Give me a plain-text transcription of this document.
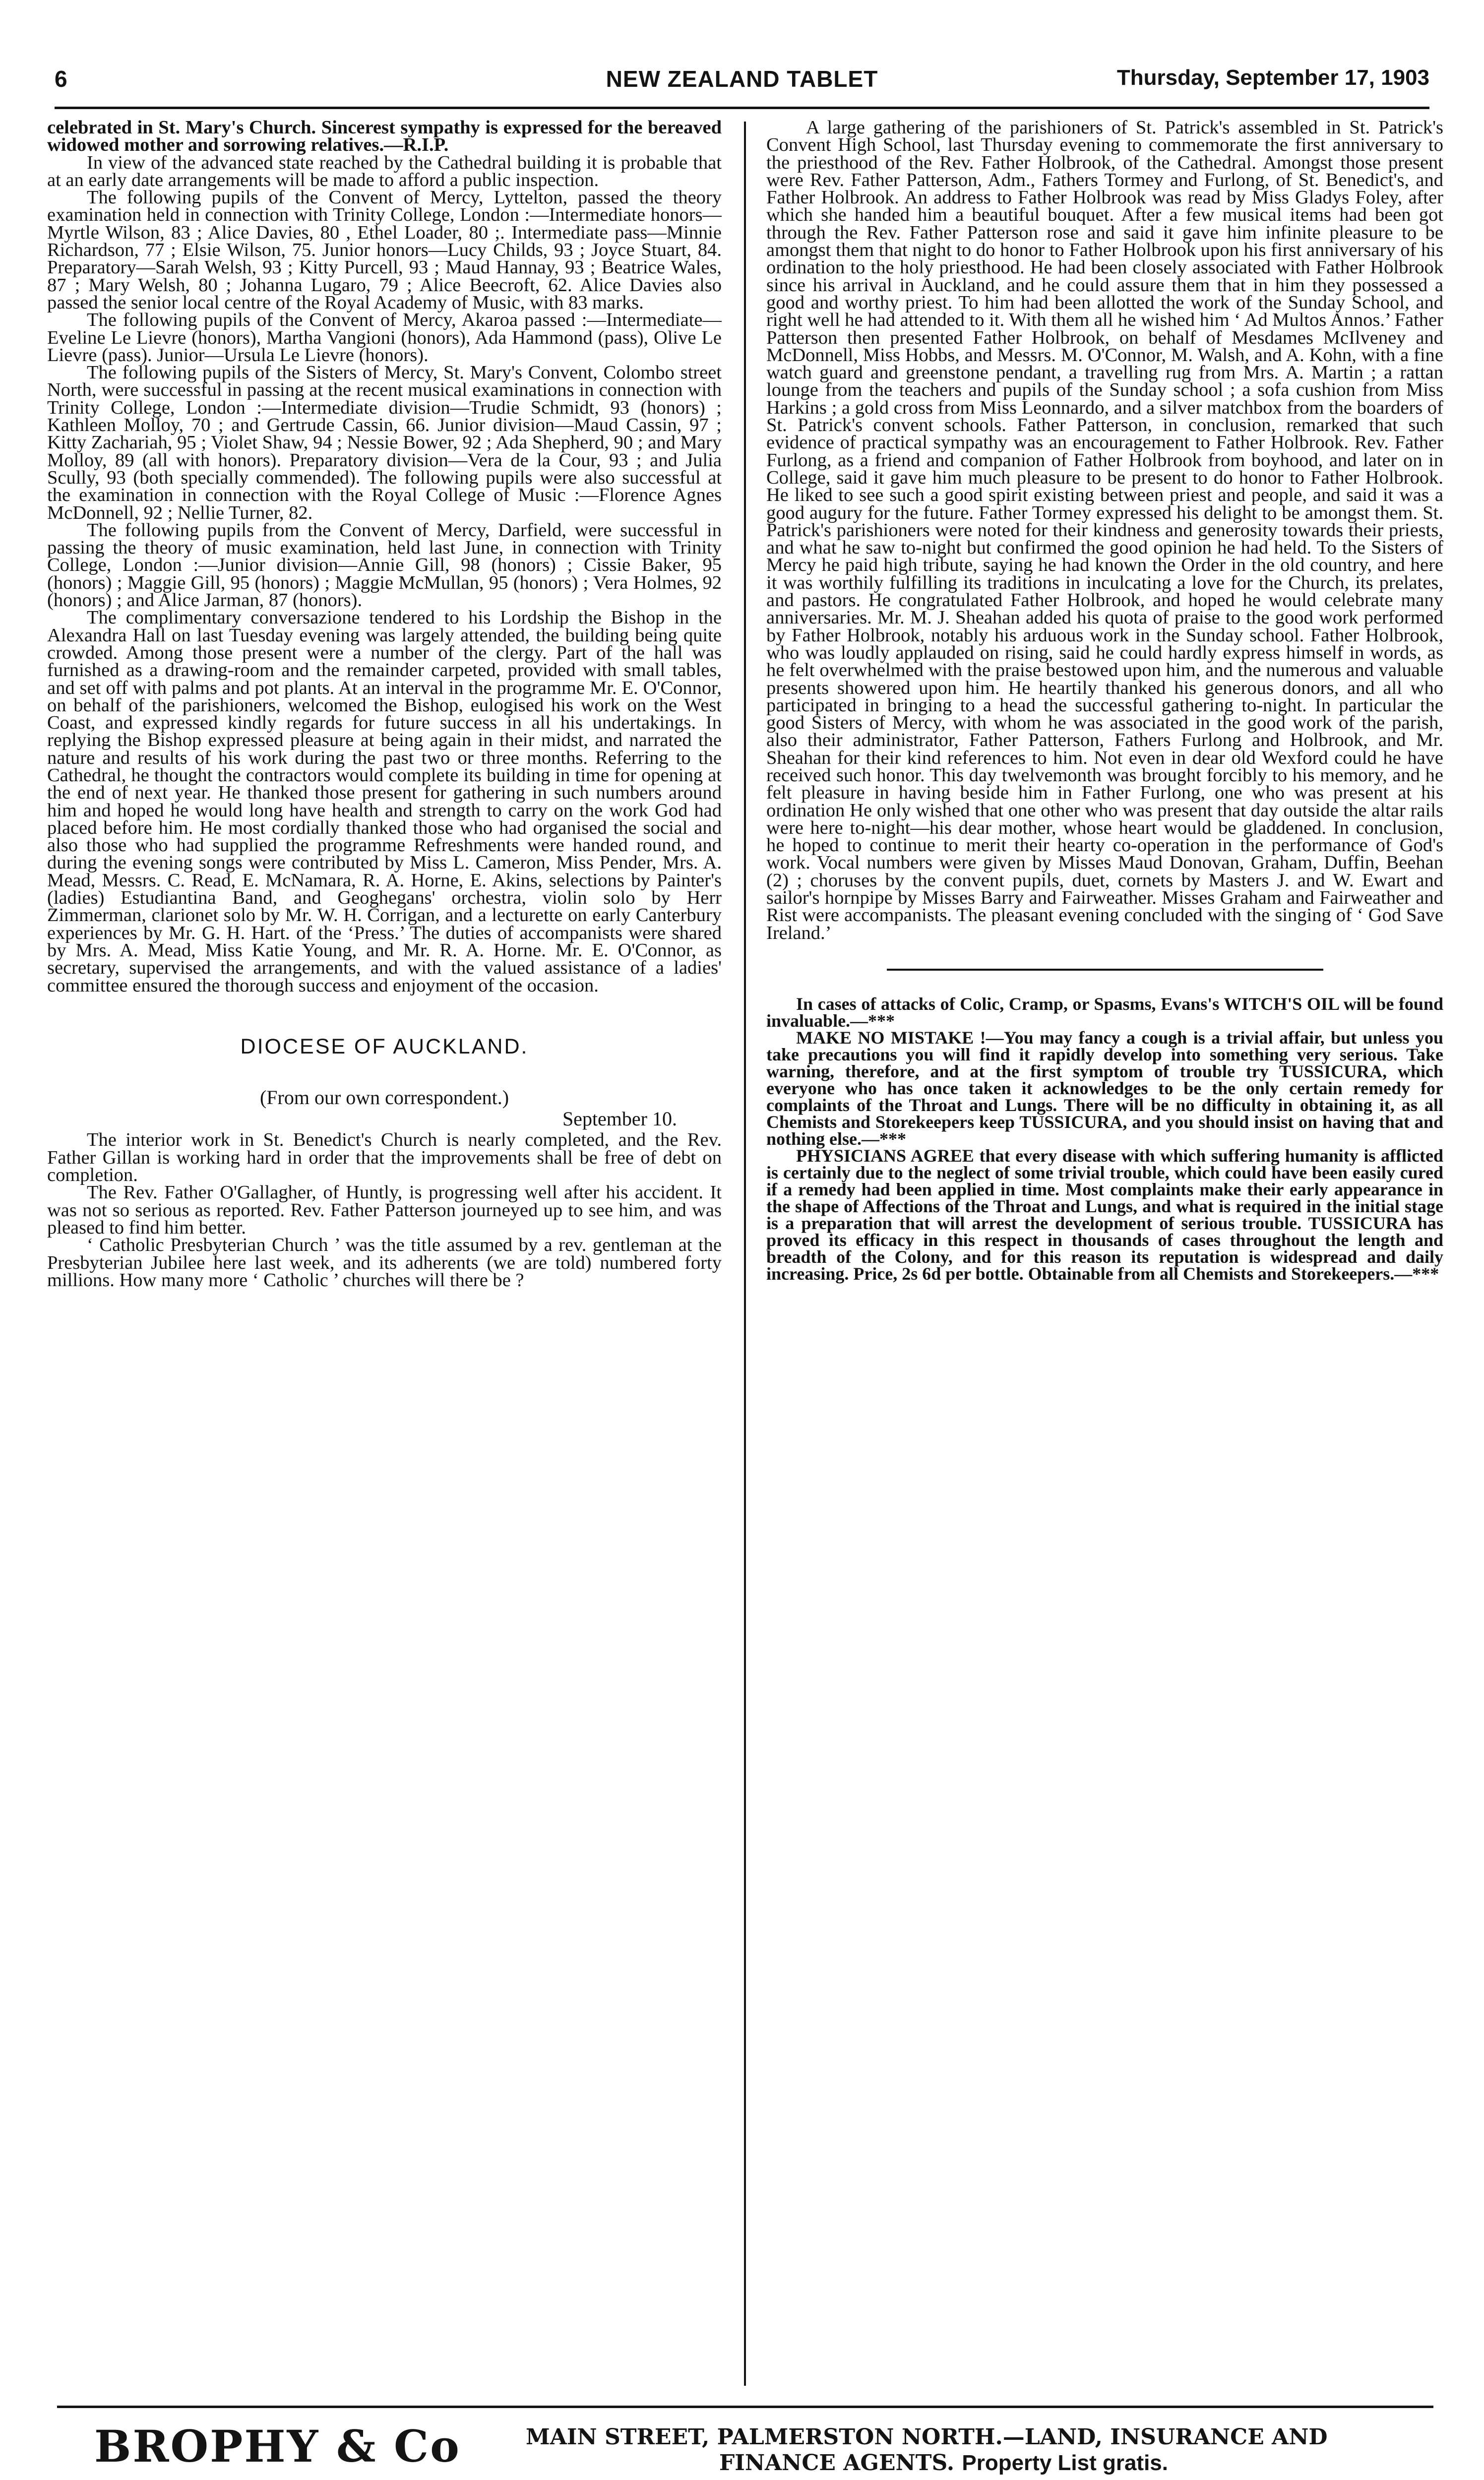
6	NEW ZEALAND TABLET	Thursday, September 17, 1903

celebrated in St. Mary's Church. Sincerest sympathy is expressed for the bereaved widowed mother and sorrowing relatives.—R.I.P.

In view of the advanced state reached by the Cathedral building it is probable that at an early date arrangements will be made to afford a public inspection.

The following pupils of the Convent of Mercy, Lyttelton, passed the theory examination held in connection with Trinity College, London :—Intermediate honors—Myrtle Wilson, 83 ; Alice Davies, 80 , Ethel Loader, 80 ;. Intermediate pass—Minnie Richardson, 77 ; Elsie Wilson, 75. Junior honors—Lucy Childs, 93 ; Joyce Stuart, 84. Preparatory—Sarah Welsh, 93 ; Kitty Purcell, 93 ; Maud Hannay, 93 ; Beatrice Wales, 87 ; Mary Welsh, 80 ; Johanna Lugaro, 79 ; Alice Beecroft, 62. Alice Davies also passed the senior local centre of the Royal Academy of Music, with 83 marks.

The following pupils of the Convent of Mercy, Akaroa passed :—Intermediate—Eveline Le Lievre (honors), Martha Vangioni (honors), Ada Hammond (pass), Olive Le Lievre (pass). Junior—Ursula Le Lievre (honors).

The following pupils of the Sisters of Mercy, St. Mary's Convent, Colombo street North, were successful in passing at the recent musical examinations in connection with Trinity College, London :—Intermediate division—Trudie Schmidt, 93 (honors) ; Kathleen Molloy, 70 ; and Gertrude Cassin, 66. Junior division—Maud Cassin, 97 ; Kitty Zachariah, 95 ; Violet Shaw, 94 ; Nessie Bower, 92 ; Ada Shepherd, 90 ; and Mary Molloy, 89 (all with honors). Preparatory division—Vera de la Cour, 93 ; and Julia Scully, 93 (both specially commended). The following pupils were also successful at the examination in connection with the Royal College of Music :—Florence Agnes McDonnell, 92 ; Nellie Turner, 82.

The following pupils from the Convent of Mercy, Darfield, were successful in passing the theory of music examination, held last June, in connection with Trinity College, London :—Junior division—Annie Gill, 98 (honors) ; Cissie Baker, 95 (honors) ; Maggie Gill, 95 (honors) ; Maggie McMullan, 95 (honors) ; Vera Holmes, 92 (honors) ; and Alice Jarman, 87 (honors).

The complimentary conversazione tendered to his Lordship the Bishop in the Alexandra Hall on last Tuesday evening was largely attended, the building being quite crowded. Among those present were a number of the clergy. Part of the hall was furnished as a drawing-room and the remainder carpeted, provided with small tables, and set off with palms and pot plants. At an interval in the programme Mr. E. O'Connor, on behalf of the parishioners, welcomed the Bishop, eulogised his work on the West Coast, and expressed kindly regards for future success in all his undertakings. In replying the Bishop expressed pleasure at being again in their midst, and narrated the nature and results of his work during the past two or three months. Referring to the Cathedral, he thought the contractors would complete its building in time for opening at the end of next year. He thanked those present for gathering in such numbers around him and hoped he would long have health and strength to carry on the work God had placed before him. He most cordially thanked those who had organised the social and also those who had supplied the programme Refreshments were handed round, and during the evening songs were contributed by Miss L. Cameron, Miss Pender, Mrs. A. Mead, Messrs. C. Read, E. McNamara, R. A. Horne, E. Akins, selections by Painter's (ladies) Estudiantina Band, and Geoghegans' orchestra, violin solo by Herr Zimmerman, clarionet solo by Mr. W. H. Corrigan, and a lecturette on early Canterbury experiences by Mr. G. H. Hart. of the ‘Press.’ The duties of accompanists were shared by Mrs. A. Mead, Miss Katie Young, and Mr. R. A. Horne. Mr. E. O'Connor, as secretary, supervised the arrangements, and with the valued assistance of a ladies' committee ensured the thorough success and enjoyment of the occasion.

DIOCESE OF AUCKLAND.
(From our own correspondent.)
September 10.

The interior work in St. Benedict's Church is nearly completed, and the Rev. Father Gillan is working hard in order that the improvements shall be free of debt on completion.

The Rev. Father O'Gallagher, of Huntly, is progressing well after his accident. It was not so serious as reported. Rev. Father Patterson journeyed up to see him, and was pleased to find him better.

‘ Catholic Presbyterian Church ’ was the title assumed by a rev. gentleman at the Presbyterian Jubilee here last week, and its adherents (we are told) numbered forty millions. How many more ‘ Catholic ’ churches will there be ?

A large gathering of the parishioners of St. Patrick's assembled in St. Patrick's Convent High School, last Thursday evening to commemorate the first anniversary to the priesthood of the Rev. Father Holbrook, of the Cathedral. Amongst those present were Rev. Father Patterson, Adm., Fathers Tormey and Furlong, of St. Benedict's, and Father Holbrook. An address to Father Holbrook was read by Miss Gladys Foley, after which she handed him a beautiful bouquet. After a few musical items had been got through the Rev. Father Patterson rose and said it gave him infinite pleasure to be amongst them that night to do honor to Father Holbrook upon his first anniversary of his ordination to the holy priesthood. He had been closely associated with Father Holbrook since his arrival in Auckland, and he could assure them that in him they possessed a good and worthy priest. To him had been allotted the work of the Sunday School, and right well he had attended to it. With them all he wished him ‘ Ad Multos Annos.’ Father Patterson then presented Father Holbrook, on behalf of Mesdames McIlveney and McDonnell, Miss Hobbs, and Messrs. M. O'Connor, M. Walsh, and A. Kohn, with a fine watch guard and greenstone pendant, a travelling rug from Mrs. A. Martin ; a rattan lounge from the teachers and pupils of the Sunday school ; a sofa cushion from Miss Harkins ; a gold cross from Miss Leonnardo, and a silver matchbox from the boarders of St. Patrick's convent schools. Father Patterson, in conclusion, remarked that such evidence of practical sympathy was an encouragement to Father Holbrook. Rev. Father Furlong, as a friend and companion of Father Holbrook from boyhood, and later on in College, said it gave him much pleasure to be present to do honor to Father Holbrook. He liked to see such a good spirit existing between priest and people, and said it was a good augury for the future. Father Tormey expressed his delight to be amongst them. St. Patrick's parishioners were noted for their kindness and generosity towards their priests, and what he saw to-night but confirmed the good opinion he had held. To the Sisters of Mercy he paid high tribute, saying he had known the Order in the old country, and here it was worthily fulfilling its traditions in inculcating a love for the Church, its prelates, and pastors. He congratulated Father Holbrook, and hoped he would celebrate many anniversaries. Mr. M. J. Sheahan added his quota of praise to the good work performed by Father Holbrook, notably his arduous work in the Sunday school. Father Holbrook, who was loudly applauded on rising, said he could hardly express himself in words, as he felt overwhelmed with the praise bestowed upon him, and the numerous and valuable presents showered upon him. He heartily thanked his generous donors, and all who participated in bringing to a head the successful gathering to-night. In particular the good Sisters of Mercy, with whom he was associated in the good work of the parish, also their administrator, Father Patterson, Fathers Furlong and Holbrook, and Mr. Sheahan for their kind references to him. Not even in dear old Wexford could he have received such honor. This day twelvemonth was brought forcibly to his memory, and he felt pleasure in having beside him in Father Furlong, one who was present at his ordination He only wished that one other who was present that day outside the altar rails were here to-night—his dear mother, whose heart would be gladdened. In conclusion, he hoped to continue to merit their hearty co-operation in the performance of God's work. Vocal numbers were given by Misses Maud Donovan, Graham, Duffin, Beehan (2) ; choruses by the convent pupils, duet, cornets by Masters J. and W. Ewart and sailor's hornpipe by Misses Barry and Fairweather. Misses Graham and Fairweather and Rist were accompanists. The pleasant evening concluded with the singing of ‘ God Save Ireland.’

In cases of attacks of Colic, Cramp, or Spasms, Evans's WITCH'S OIL will be found invaluable.—***

MAKE NO MISTAKE !—You may fancy a cough is a trivial affair, but unless you take precautions you will find it rapidly develop into something very serious. Take warning, therefore, and at the first symptom of trouble try TUSSICURA, which everyone who has once taken it acknowledges to be the only certain remedy for complaints of the Throat and Lungs. There will be no difficulty in obtaining it, as all Chemists and Storekeepers keep TUSSICURA, and you should insist on having that and nothing else.—***

PHYSICIANS AGREE that every disease with which suffering humanity is afflicted is certainly due to the neglect of some trivial trouble, which could have been easily cured if a remedy had been applied in time. Most complaints make their early appearance in the shape of Affections of the Throat and Lungs, and what is required in the initial stage is a preparation that will arrest the development of serious trouble. TUSSICURA has proved its efficacy in this respect in thousands of cases throughout the length and breadth of the Colony, and for this reason its reputation is widespread and daily increasing. Price, 2s 6d per bottle. Obtainable from all Chemists and Storekeepers.—***

BROPHY & Co	MAIN STREET, PALMERSTON NORTH.—LAND, INSURANCE AND
FINANCE AGENTS. Property List gratis.
